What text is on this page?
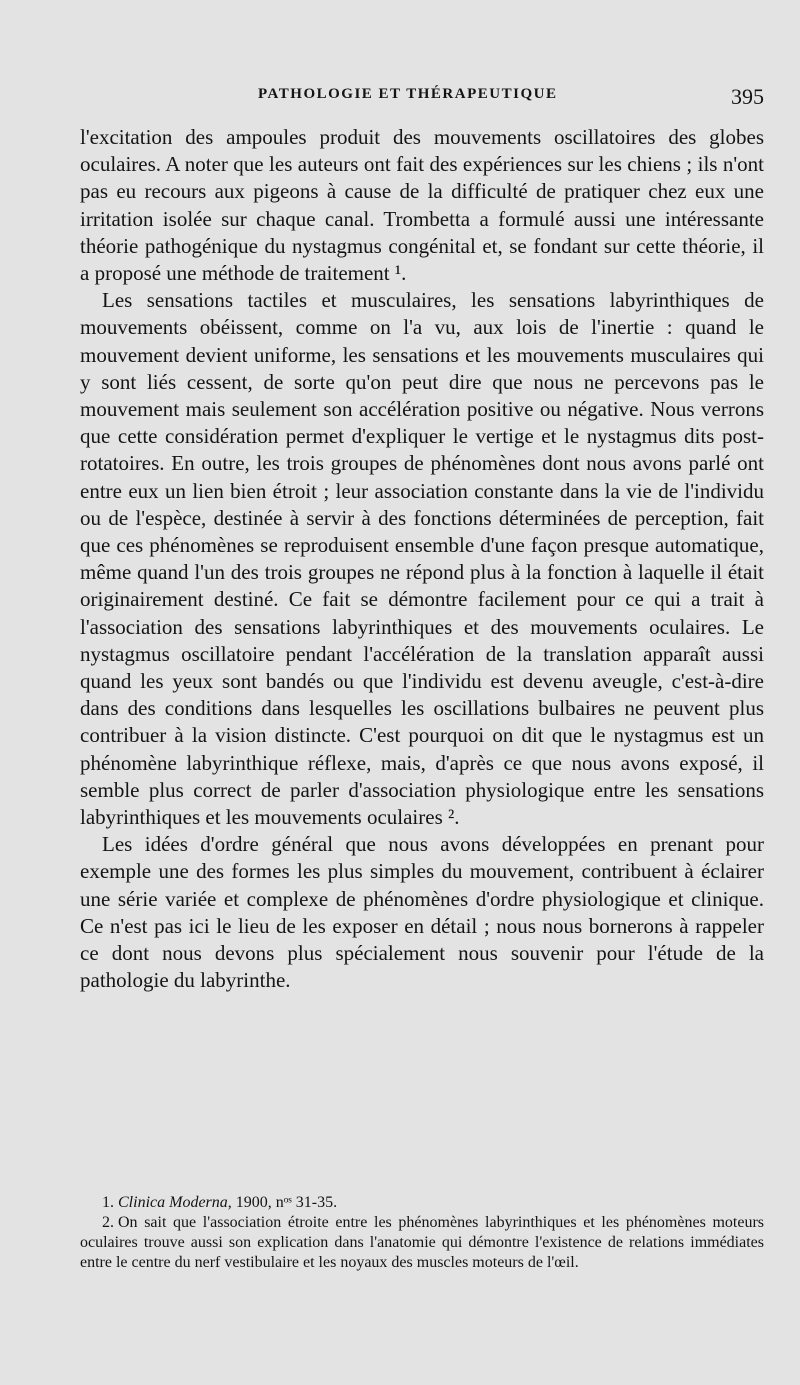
PATHOLOGIE ET THÉRAPEUTIQUE	395

l'excitation des ampoules produit des mouvements oscillatoires des globes oculaires. A noter que les auteurs ont fait des expériences sur les chiens ; ils n'ont pas eu recours aux pigeons à cause de la difficulté de pratiquer chez eux une irritation isolée sur chaque canal. Trombetta a formulé aussi une intéressante théorie pathogénique du nystagmus congénital et, se fondant sur cette théorie, il a proposé une méthode de traitement ¹.

Les sensations tactiles et musculaires, les sensations labyrinthiques de mouvements obéissent, comme on l'a vu, aux lois de l'inertie : quand le mouvement devient uniforme, les sensations et les mouvements musculaires qui y sont liés cessent, de sorte qu'on peut dire que nous ne percevons pas le mouvement mais seulement son accélération positive ou négative. Nous verrons que cette considération permet d'expliquer le vertige et le nystagmus dits post-rotatoires. En outre, les trois groupes de phénomènes dont nous avons parlé ont entre eux un lien bien étroit ; leur association constante dans la vie de l'individu ou de l'espèce, destinée à servir à des fonctions déterminées de perception, fait que ces phénomènes se reproduisent ensemble d'une façon presque automatique, même quand l'un des trois groupes ne répond plus à la fonction à laquelle il était originairement destiné. Ce fait se démontre facilement pour ce qui a trait à l'association des sensations labyrinthiques et des mouvements oculaires. Le nystagmus oscillatoire pendant l'accélération de la translation apparaît aussi quand les yeux sont bandés ou que l'individu est devenu aveugle, c'est-à-dire dans des conditions dans lesquelles les oscillations bulbaires ne peuvent plus contribuer à la vision distincte. C'est pourquoi on dit que le nystagmus est un phénomène labyrinthique réflexe, mais, d'après ce que nous avons exposé, il semble plus correct de parler d'association physiologique entre les sensations labyrinthiques et les mouvements oculaires ².

Les idées d'ordre général que nous avons développées en prenant pour exemple une des formes les plus simples du mouvement, contribuent à éclairer une série variée et complexe de phénomènes d'ordre physiologique et clinique. Ce n'est pas ici le lieu de les exposer en détail ; nous nous bornerons à rappeler ce dont nous devons plus spécialement nous souvenir pour l'étude de la pathologie du labyrinthe.

1. Clinica Moderna, 1900, nᵒˢ 31-35.

2. On sait que l'association étroite entre les phénomènes labyrinthiques et les phénomènes moteurs oculaires trouve aussi son explication dans l'anatomie qui démontre l'existence de relations immédiates entre le centre du nerf vestibulaire et les noyaux des muscles moteurs de l'œil.
